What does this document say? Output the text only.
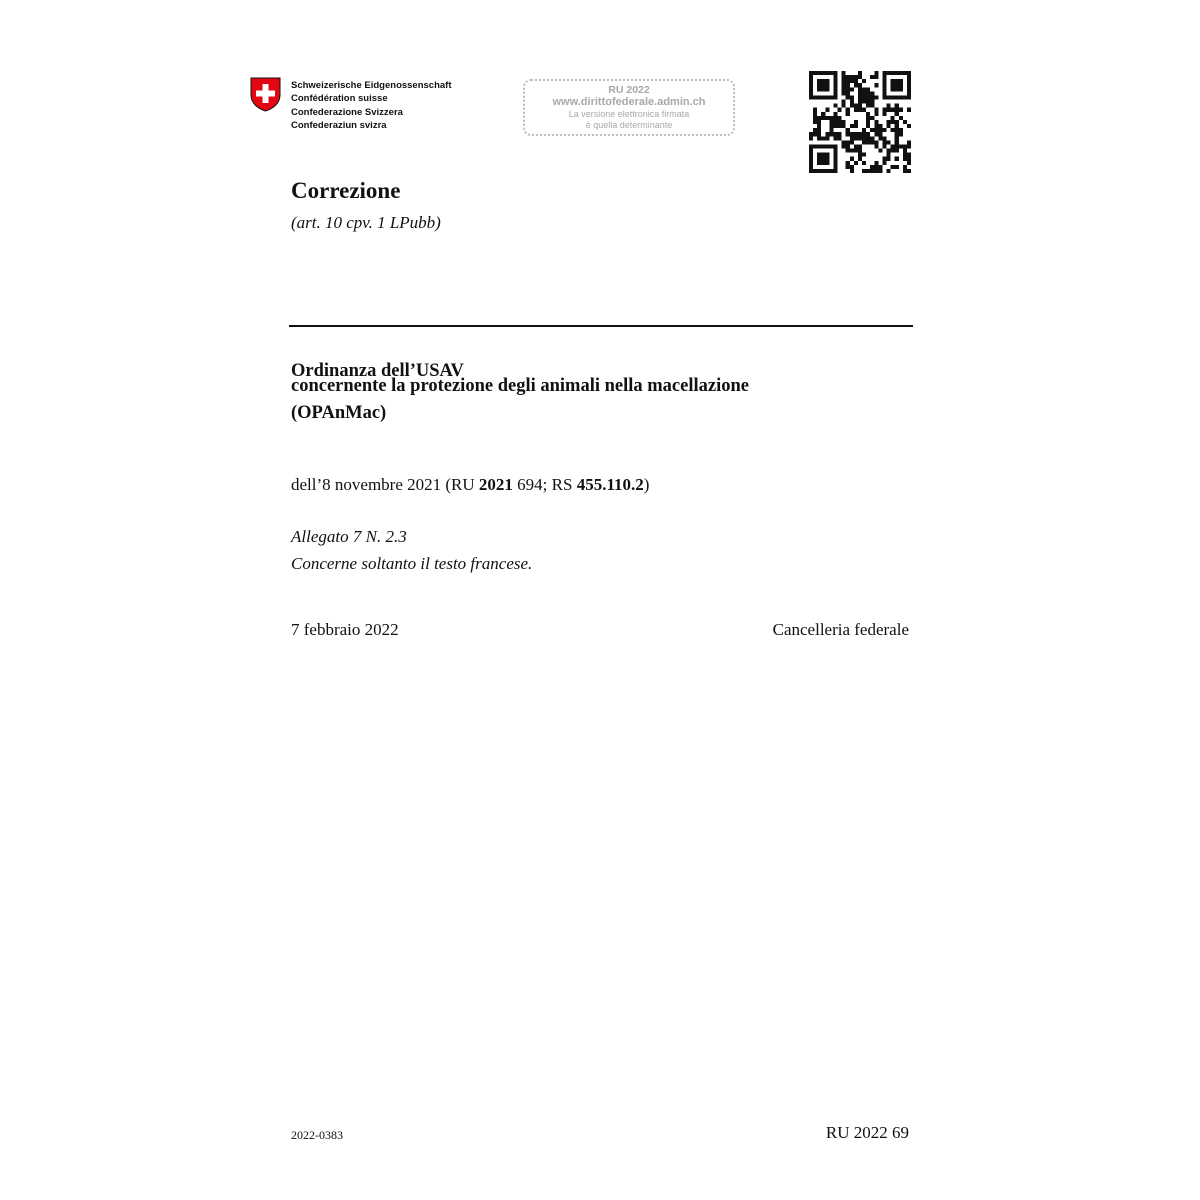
Schweizerische Eidgenossenschaft
Confédération suisse
Confederazione Svizzera
Confederaziun svizra
RU 2022
www.dirittofederale.admin.ch
La versione elettronica firmata
è quella determinante
Correzione
(art. 10 cpv. 1 LPubb)
Ordinanza dell’USAV
concernente la protezione degli animali nella macellazione
(OPAnMac)
dell’8 novembre 2021 (RU 2021 694; RS 455.110.2)
Allegato 7 N. 2.3
Concerne soltanto il testo francese.
7 febbraio 2022	Cancelleria federale
2022-0383	RU 2022 69
